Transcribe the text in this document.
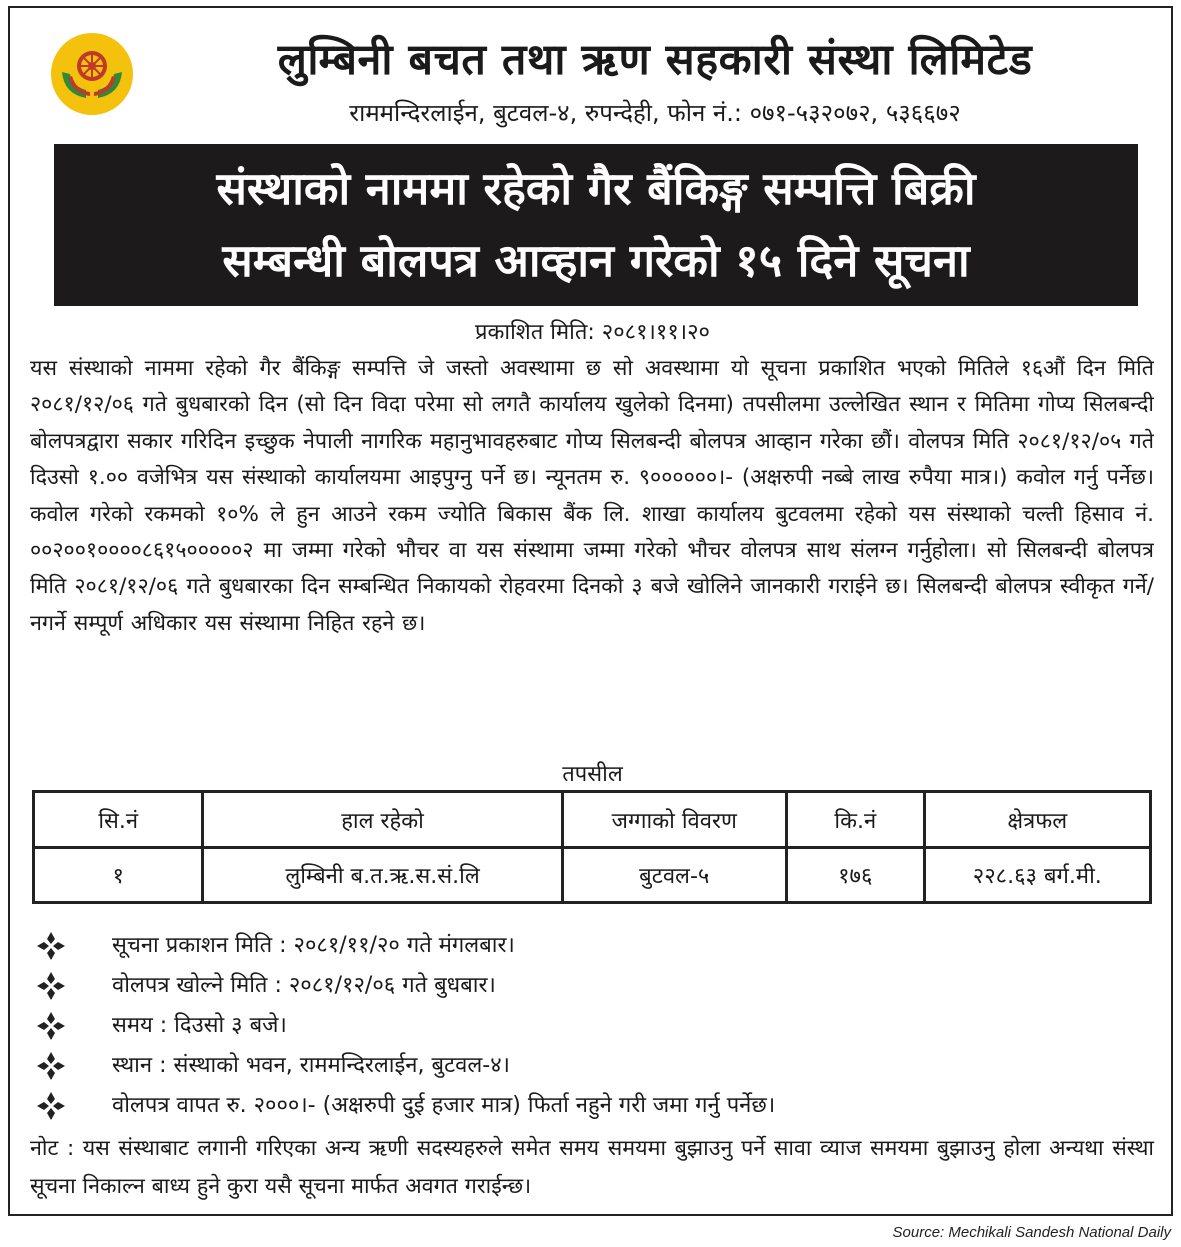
लुम्बिनी बचत तथा ऋण सहकारी संस्था लिमिटेड
राममन्दिरलाईन, बुटवल-४, रुपन्देही, फोन नं.: ०७१-५३२०७२, ५३६६७२
संस्थाको नाममा रहेको गैर बैंकिङ्ग सम्पत्ति बिक्री
सम्बन्धी बोलपत्र आव्हान गरेको १५ दिने सूचना
प्रकाशित मिति: २०८१।११।२०

यस संस्थाको नाममा रहेको गैर बैंकिङ्ग सम्पत्ति जे जस्तो अवस्थामा छ सो अवस्थामा यो सूचना प्रकाशित भएको मितिले १६औं दिन मिति २०८१/१२/०६ गते बुधबारको दिन (सो दिन विदा परेमा सो लगतै कार्यालय खुलेको दिनमा) तपसीलमा उल्लेखित स्थान र मितिमा गोप्य सिलबन्दी बोलपत्रद्वारा सकार गरिदिन इच्छुक नेपाली नागरिक महानुभावहरुबाट गोप्य सिलबन्दी बोलपत्र आव्हान गरेका छौं। वोलपत्र मिति २०८१/१२/०५ गते दिउसो १.०० वजेभित्र यस संस्थाको कार्यालयमा आइपुग्नु पर्ने छ। न्यूनतम रु. ९००००००।- (अक्षरुपी नब्बे लाख रुपैया मात्र।) कवोल गर्नु पर्नेछ। कवोल गरेको रकमको १०% ले हुन आउने रकम ज्योति बिकास बैंक लि. शाखा कार्यालय बुटवलमा रहेको यस संस्थाको चल्ती हिसाव नं. ००२००१००००८६१५०००००२ मा जम्मा गरेको भौचर वा यस संस्थामा जम्मा गरेको भौचर वोलपत्र साथ संलग्न गर्नुहोला। सो सिलबन्दी बोलपत्र मिति २०८१/१२/०६ गते बुधबारका दिन सम्बन्धित निकायको रोहवरमा दिनको ३ बजे खोलिने जानकारी गराईने छ। सिलबन्दी बोलपत्र स्वीकृत गर्ने/नगर्ने सम्पूर्ण अधिकार यस संस्थामा निहित रहने छ।

तपसील
सि.नं	हाल रहेको	जग्गाको विवरण	कि.नं	क्षेत्रफल
१	लुम्बिनी ब.त.ऋ.स.सं.लि	बुटवल-५	१७६	२२८.६३ बर्ग.मी.
सूचना प्रकाशन मिति : २०८१/११/२० गते मंगलबार।
वोलपत्र खोल्ने मिति : २०८१/१२/०६ गते बुधबार।
समय : दिउसो ३ बजे।
स्थान : संस्थाको भवन, राममन्दिरलाईन, बुटवल-४।
वोलपत्र वापत रु. २०००।- (अक्षरुपी दुई हजार मात्र) फिर्ता नहुने गरी जमा गर्नु पर्नेछ।

नोट : यस संस्थाबाट लगानी गरिएका अन्य ऋणी सदस्यहरुले समेत समय समयमा बुझाउनु पर्ने सावा व्याज समयमा बुझाउनु होला अन्यथा संस्था सूचना निकाल्न बाध्य हुने कुरा यसै सूचना मार्फत अवगत गराईन्छ।

Source: Mechikali Sandesh National Daily
